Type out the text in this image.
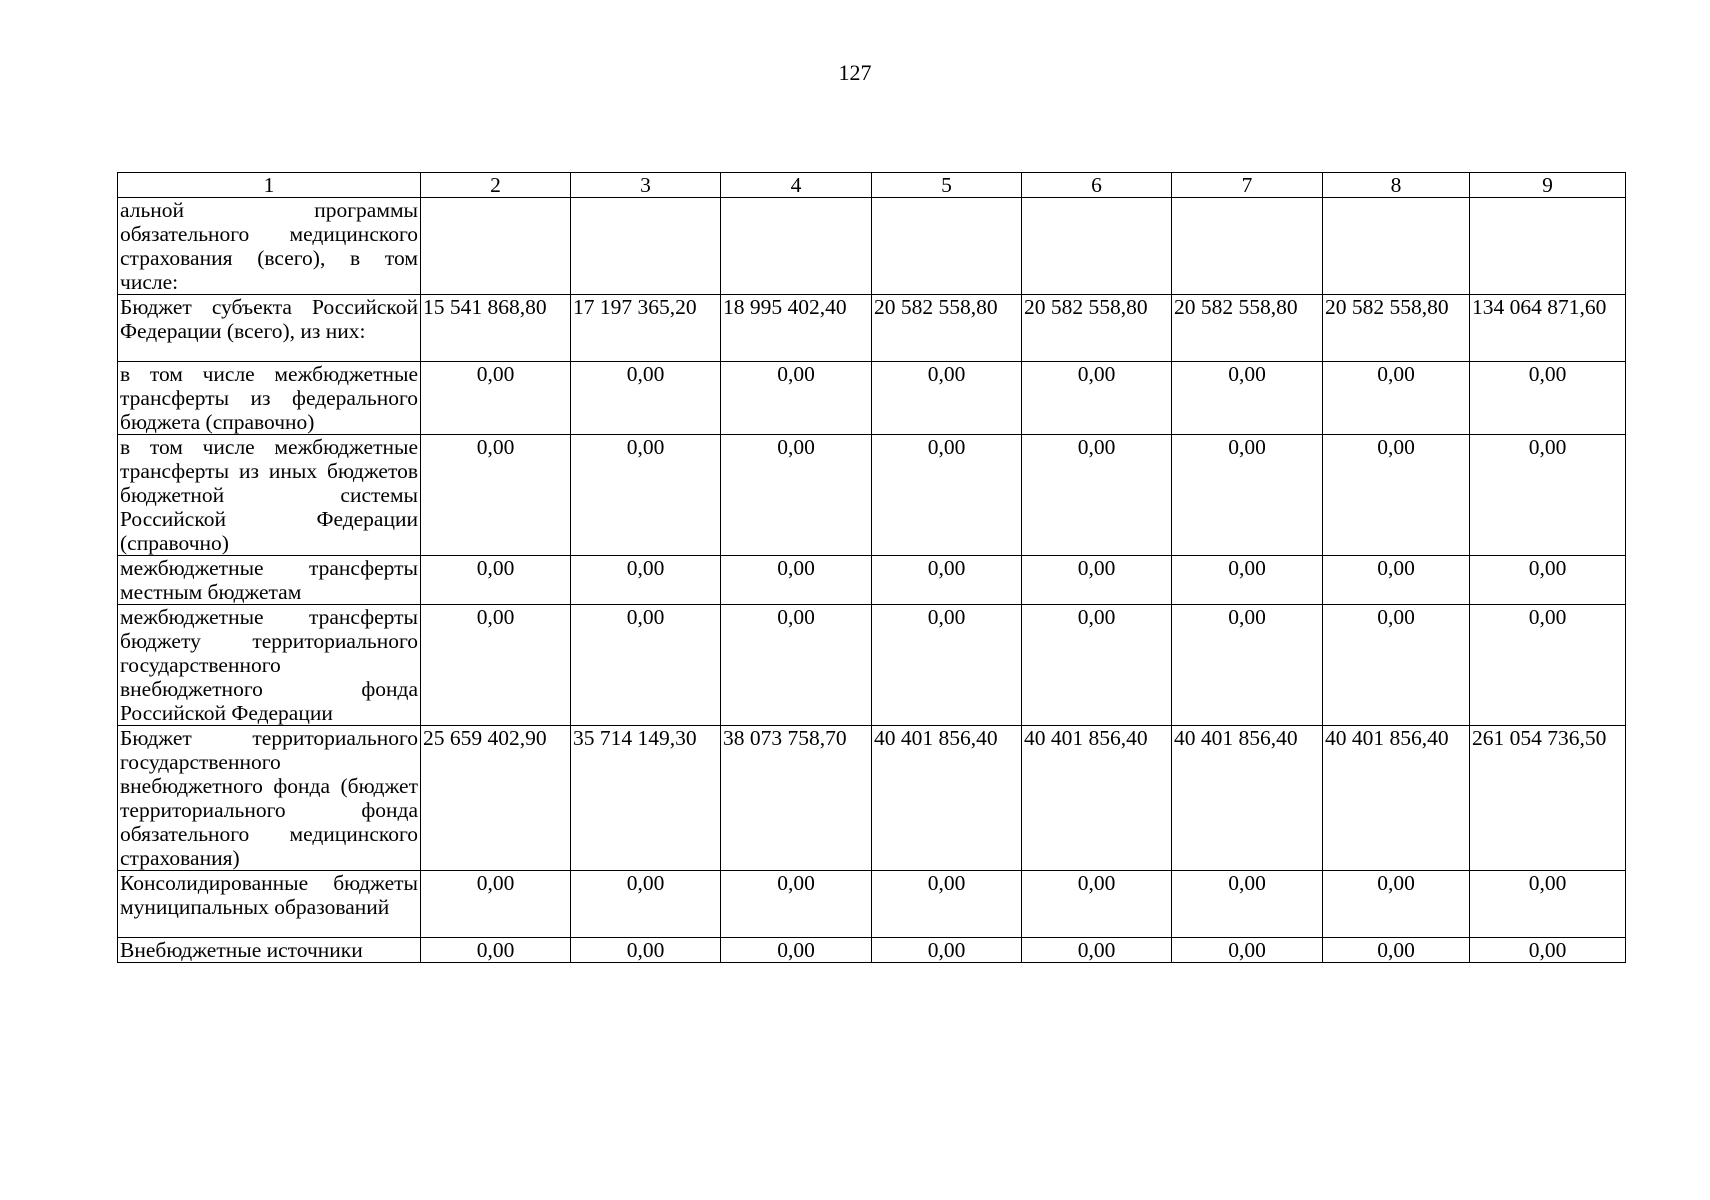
127
1	2	3	4	5	6	7	8	9
альной программы обязательного медицинского страхования (всего), в том числе:								
Бюджет субъекта Российской Федерации (всего), из них:	15 541 868,80	17 197 365,20	18 995 402,40	20 582 558,80	20 582 558,80	20 582 558,80	20 582 558,80	134 064 871,60
в том числе межбюджетные трансферты из федерального бюджета (справочно)	0,00	0,00	0,00	0,00	0,00	0,00	0,00	0,00
в том числе межбюджетные трансферты из иных бюджетов бюджетной системы Российской Федерации (справочно)	0,00	0,00	0,00	0,00	0,00	0,00	0,00	0,00
межбюджетные трансферты местным бюджетам	0,00	0,00	0,00	0,00	0,00	0,00	0,00	0,00
межбюджетные трансферты бюджету территориального государственного внебюджетного фонда Российской Федерации	0,00	0,00	0,00	0,00	0,00	0,00	0,00	0,00
Бюджет территориального государственного внебюджетного фонда (бюджет территориального фонда обязательного медицинского страхования)	25 659 402,90	35 714 149,30	38 073 758,70	40 401 856,40	40 401 856,40	40 401 856,40	40 401 856,40	261 054 736,50
Консолидированные бюджеты муниципальных образований	0,00	0,00	0,00	0,00	0,00	0,00	0,00	0,00
Внебюджетные источники	0,00	0,00	0,00	0,00	0,00	0,00	0,00	0,00
